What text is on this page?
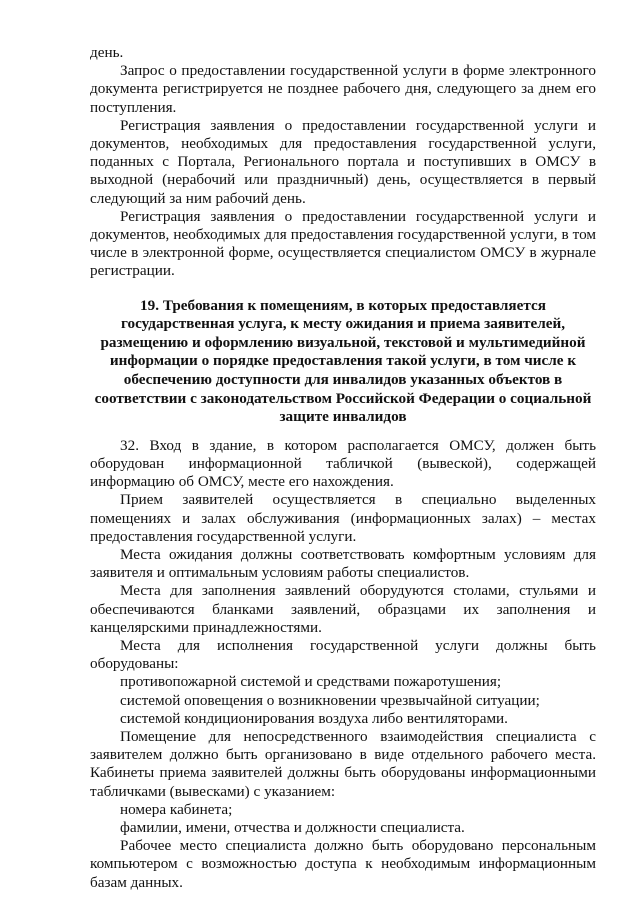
день.

Запрос о предоставлении государственной услуги в форме электронного документа регистрируется не позднее рабочего дня, следующего за днем его поступления.

Регистрация заявления о предоставлении государственной услуги и документов, необходимых для предоставления государственной услуги, поданных с Портала, Регионального портала и поступивших в ОМСУ в выходной (нерабочий или праздничный) день, осуществляется в первый следующий за ним рабочий день.

Регистрация заявления о предоставлении государственной услуги и документов, необходимых для предоставления государственной услуги, в том числе в электронной форме, осуществляется специалистом ОМСУ в журнале регистрации.

19. Требования к помещениям, в которых предоставляется государственная услуга, к месту ожидания и приема заявителей, размещению и оформлению визуальной, текстовой и мультимедийной информации о порядке предоставления такой услуги, в том числе к обеспечению доступности для инвалидов указанных объектов в соответствии с законодательством Российской Федерации о социальной защите инвалидов

32. Вход в здание, в котором располагается ОМСУ, должен быть оборудован информационной табличкой (вывеской), содержащей информацию об ОМСУ, месте его нахождения.

Прием заявителей осуществляется в специально выделенных помещениях и залах обслуживания (информационных залах) – местах предоставления государственной услуги.

Места ожидания должны соответствовать комфортным условиям для заявителя и оптимальным условиям работы специалистов.

Места для заполнения заявлений оборудуются столами, стульями и обеспечиваются бланками заявлений, образцами их заполнения и канцелярскими принадлежностями.

Места для исполнения государственной услуги должны быть оборудованы:

противопожарной системой и средствами пожаротушения;

системой оповещения о возникновении чрезвычайной ситуации;

системой кондиционирования воздуха либо вентиляторами.

Помещение для непосредственного взаимодействия специалиста с заявителем должно быть организовано в виде отдельного рабочего места. Кабинеты приема заявителей должны быть оборудованы информационными табличками (вывесками) с указанием:

номера кабинета;

фамилии, имени, отчества и должности специалиста.

Рабочее место специалиста должно быть оборудовано персональным компьютером с возможностью доступа к необходимым информационным базам данных.
